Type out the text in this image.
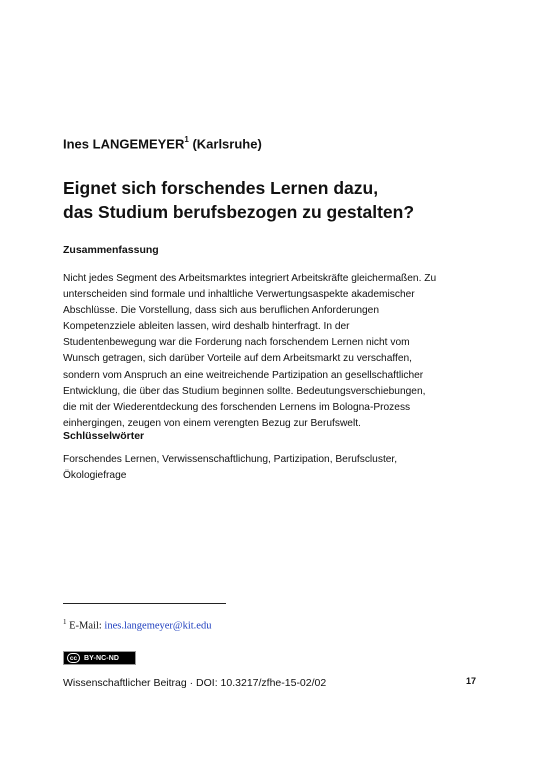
Ines LANGEMEYER$^1$ (Karlsruhe)
Eignet sich forschendes Lernen dazu,
das Studium berufsbezogen zu gestalten?
Zusammenfassung
Nicht jedes Segment des Arbeitsmarktes integriert Arbeitskräfte gleichermaßen. Zu
unterscheiden sind formale und inhaltliche Verwertungsaspekte akademischer
Abschlüsse. Die Vorstellung, dass sich aus beruflichen Anforderungen
Kompetenzziele ableiten lassen, wird deshalb hinterfragt. In der
Studentenbewegung war die Forderung nach forschendem Lernen nicht vom
Wunsch getragen, sich darüber Vorteile auf dem Arbeitsmarkt zu verschaffen,
sondern vom Anspruch an eine weitreichende Partizipation an gesellschaftlicher
Entwicklung, die über das Studium beginnen sollte. Bedeutungsverschiebungen,
die mit der Wiederentdeckung des forschenden Lernens im Bologna-Prozess
einhergingen, zeugen von einem verengten Bezug zur Berufswelt.
Schlüsselwörter
Forschendes Lernen, Verwissenschaftlichung, Partizipation, Berufscluster,
Ökologiefrage
$^1$ E-Mail: ines.langemeyer@kit.edu
cc BY-NC-ND
Wissenschaftlicher Beitrag · DOI: 10.3217/zfhe-15-02/02	17
